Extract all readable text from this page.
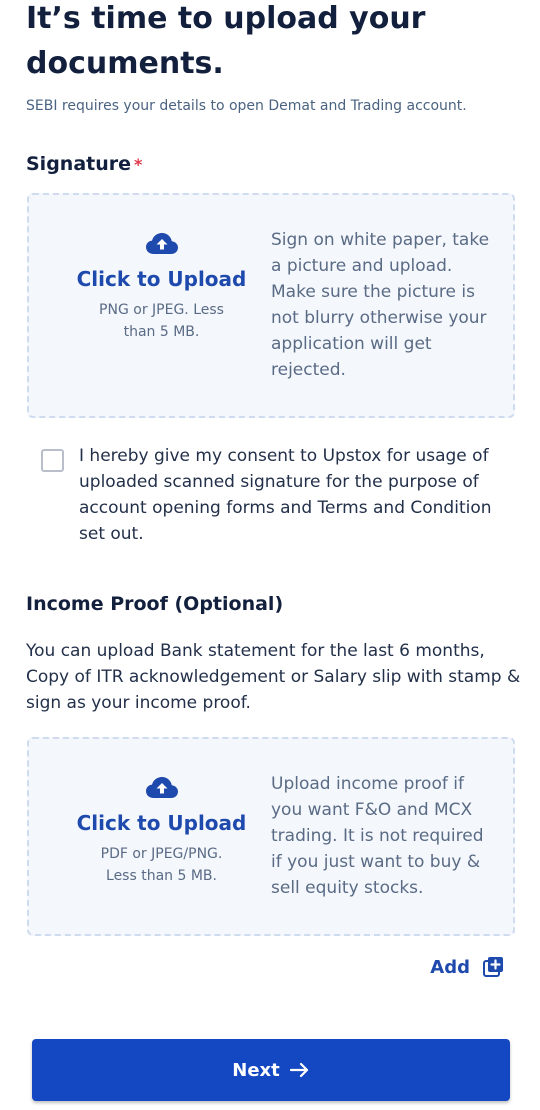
It’s time to upload your documents.

SEBI requires your details to open Demat and Trading account.

Signature *
Click to Upload
PNG or JPEG. Less than 5 MB.
Sign on white paper, take a picture and upload. Make sure the picture is not blurry otherwise your application will get rejected.

I hereby give my consent to Upstox for usage of uploaded scanned signature for the purpose of account opening forms and Terms and Condition set out.

Income Proof (Optional)

You can upload Bank statement for the last 6 months, Copy of ITR acknowledgement or Salary slip with stamp & sign as your income proof.

Click to Upload
PDF or JPEG/PNG. Less than 5 MB.
Upload income proof if you want F&O and MCX trading. It is not required if you just want to buy & sell equity stocks.
Add
Next
